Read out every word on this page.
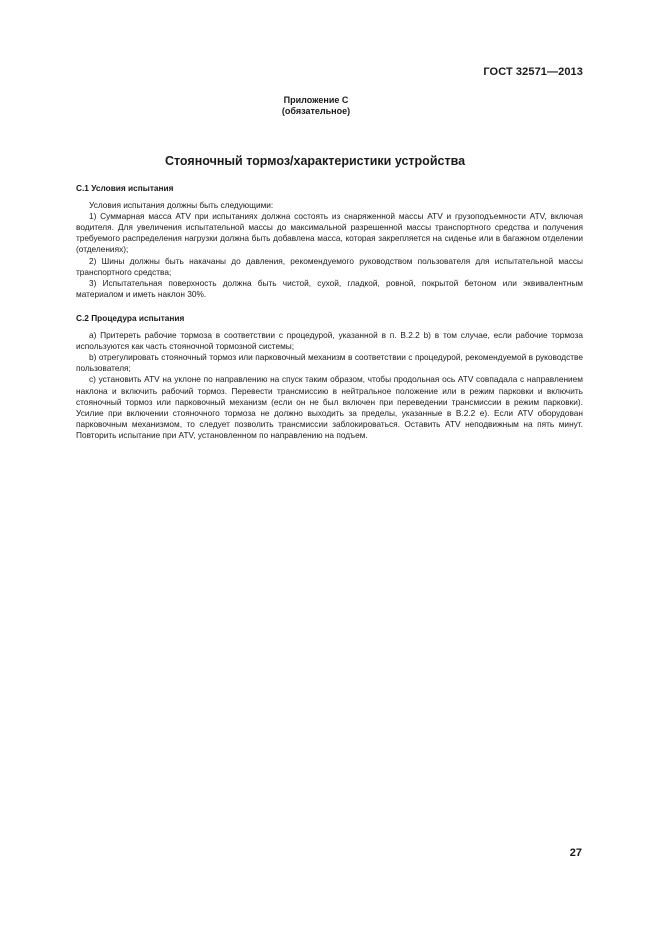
ГОСТ 32571—2013
Приложение С
(обязательное)
Стояночный тормоз/характеристики устройства

С.1 Условия испытания

Условия испытания должны быть следующими:

1) Суммарная масса ATV при испытаниях должна состоять из снаряженной массы ATV и грузоподъемности ATV, включая водителя. Для увеличения испытательной массы до максимальной разрешенной массы транспортного средства и получения требуемого распределения нагрузки должна быть добавлена масса, которая закрепляется на сиденье или в багажном отделении (отделениях);

2) Шины должны быть накачаны до давления, рекомендуемого руководством пользователя для испытательной массы транспортного средства;

3) Испытательная поверхность должна быть чистой, сухой, гладкой, ровной, покрытой бетоном или эквивалентным материалом и иметь наклон 30%.

С.2 Процедура испытания

a) Притереть рабочие тормоза в соответствии с процедурой, указанной в п. В.2.2 b) в том случае, если рабочие тормоза используются как часть стояночной тормозной системы;

b) отрегулировать стояночный тормоз или парковочный механизм в соответствии с процедурой, рекомендуемой в руководстве пользователя;

c) установить ATV на уклоне по направлению на спуск таким образом, чтобы продольная ось ATV совпадала с направлением наклона и включить рабочий тормоз. Перевести трансмиссию в нейтральное положение или в режим парковки и включить стояночный тормоз или парковочный механизм (если он не был включен при переведении трансмиссии в режим парковки). Усилие при включении стояночного тормоза не должно выходить за пределы, указанные в В.2.2 е). Если ATV оборудован парковочным механизмом, то следует позволить трансмиссии заблокироваться. Оставить ATV неподвижным на пять минут. Повторить испытание при ATV, установленном по направлению на подъем.

27
